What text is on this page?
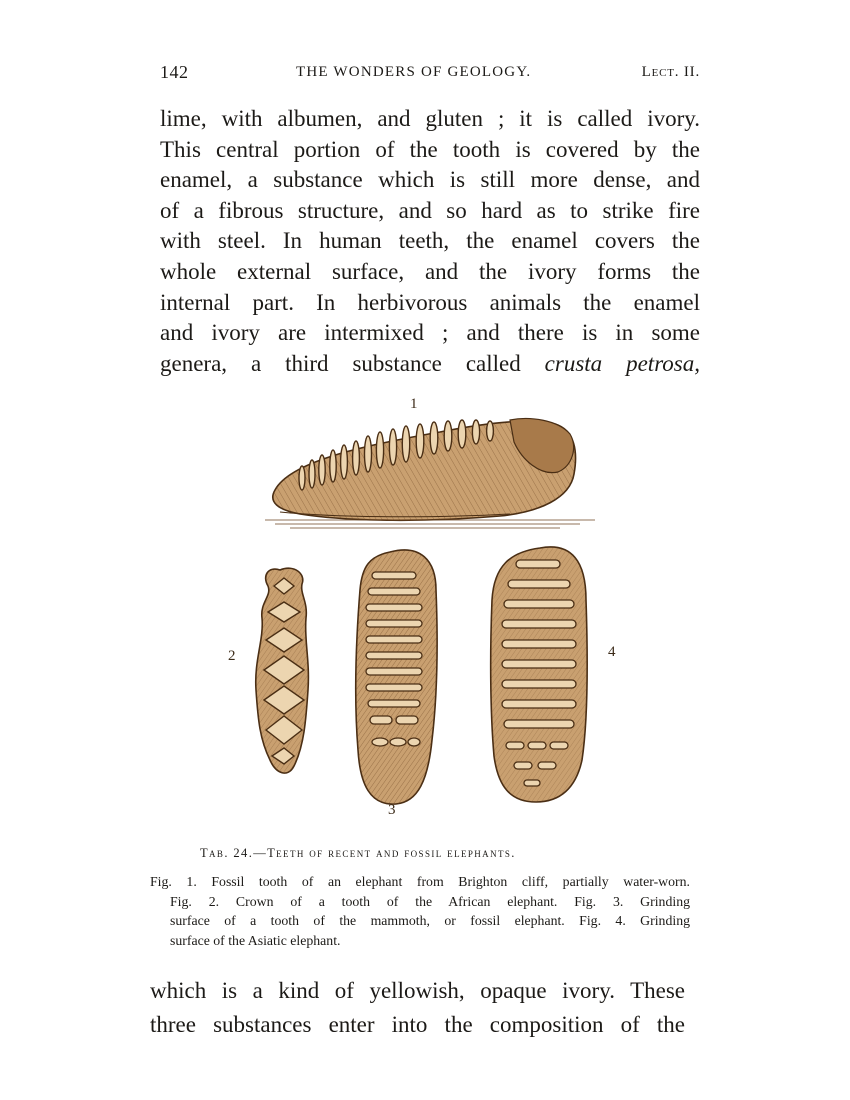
142	THE WONDERS OF GEOLOGY.	Lect. II.
lime, with albumen, and gluten ; it is called ivory.
This central portion of the tooth is covered by the
enamel, a substance which is still more dense, and
of a fibrous structure, and so hard as to strike fire
with steel. In human teeth, the enamel covers the
whole external surface, and the ivory forms the
internal part. In herbivorous animals the enamel
and ivory are intermixed ; and there is in some
genera, a third substance called crusta petrosa,
1
2
3
4
Tab. 24.—Teeth of recent and fossil elephants.
Fig. 1. Fossil tooth of an elephant from Brighton cliff, partially water-worn.
Fig. 2. Crown of a tooth of the African elephant. Fig. 3. Grinding
surface of a tooth of the mammoth, or fossil elephant. Fig. 4. Grinding
surface of the Asiatic elephant.
which is a kind of yellowish, opaque ivory. These
three substances enter into the composition of the
